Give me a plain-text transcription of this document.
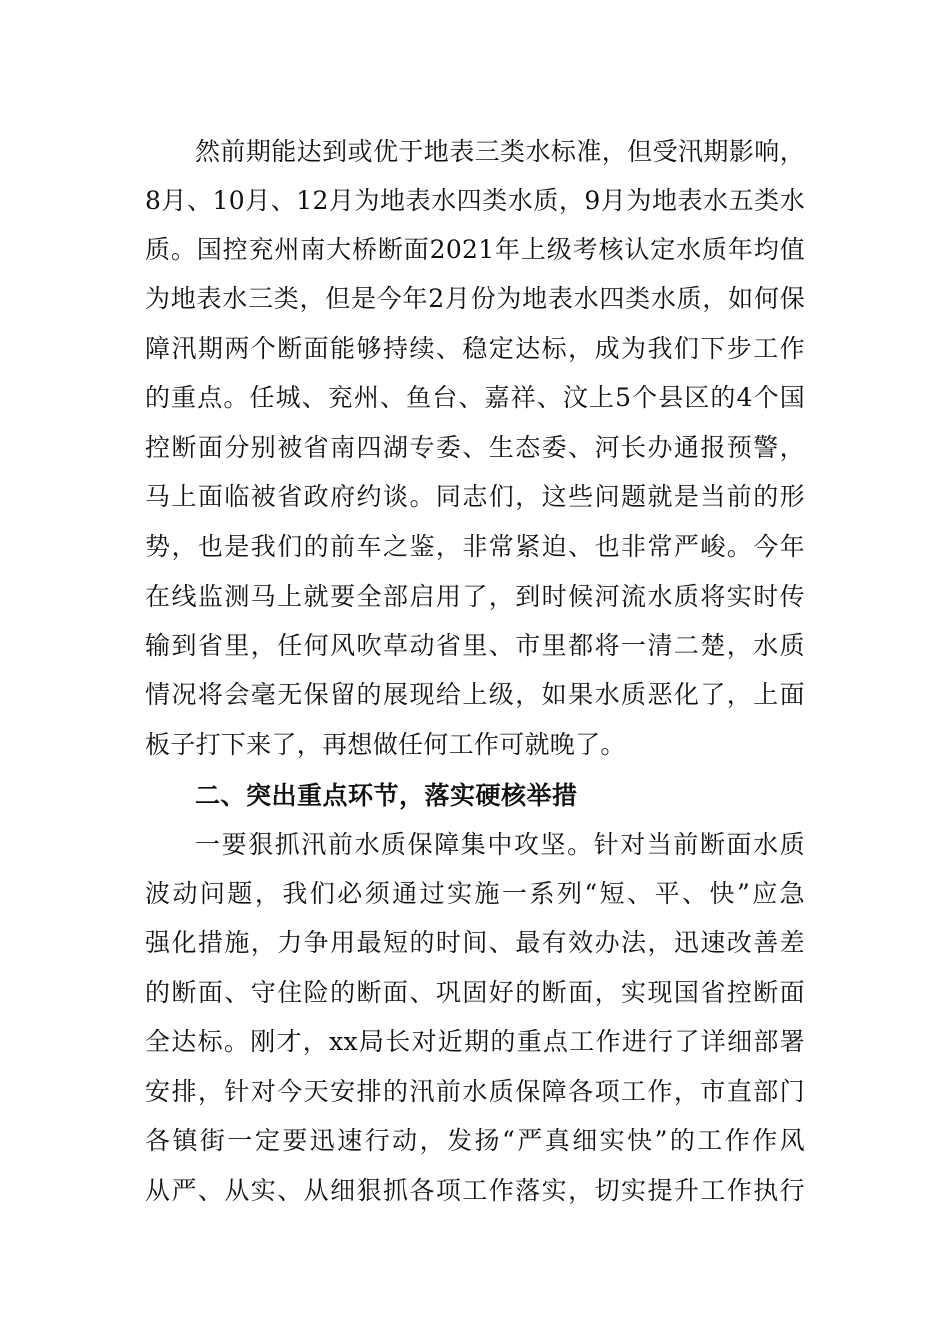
然前期能达到或优于地表三类水标准，但受汛期影响，
8月、10月、12月为地表水四类水质，9月为地表水五类水
质。国控兖州南大桥断面2021年上级考核认定水质年均值
为地表水三类，但是今年2月份为地表水四类水质，如何保
障汛期两个断面能够持续、稳定达标，成为我们下步工作
的重点。任城、兖州、鱼台、嘉祥、汶上5个县区的4个国
控断面分别被省南四湖专委、生态委、河长办通报预警，
马上面临被省政府约谈。同志们，这些问题就是当前的形
势，也是我们的前车之鉴，非常紧迫、也非常严峻。今年
在线监测马上就要全部启用了，到时候河流水质将实时传
输到省里，任何风吹草动省里、市里都将一清二楚，水质
情况将会毫无保留的展现给上级，如果水质恶化了，上面
板子打下来了，再想做任何工作可就晚了。
二、突出重点环节，落实硬核举措
一要狠抓汛前水质保障集中攻坚。针对当前断面水质
波动问题，我们必须通过实施一系列“短、平、快”应急
强化措施，力争用最短的时间、最有效办法，迅速改善差
的断面、守住险的断面、巩固好的断面，实现国省控断面
全达标。刚才，xx局长对近期的重点工作进行了详细部署
安排，针对今天安排的汛前水质保障各项工作，市直部门
各镇街一定要迅速行动，发扬“严真细实快”的工作作风
从严、从实、从细狠抓各项工作落实，切实提升工作执行
